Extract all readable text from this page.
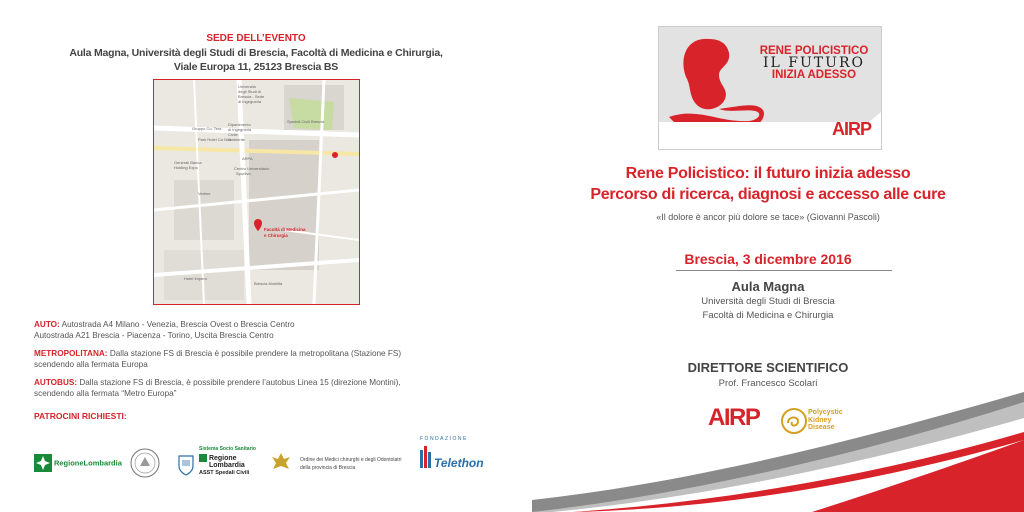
SEDE DELL’EVENTO
Aula Magna, Università degli Studi di Brescia, Facoltà di Medicina e Chirurgia,
Viale Europa 11, 25123 Brescia BS
Università
degli Studi di
Brescia - Sede
di Ingegneria
Spedali Civili Brescia
Dipartimento
di Ingegneria
Civile
Ambiente
Gruppo Co. Tera
Park Hotel Ca Nöa
ARPA
Centro Universitario
Sportivo
Generali Banca
Holding Expo
Vetrine
Hotel Impero
Brescia Mobilità
Facoltà di Medicina
e Chirurgia
AUTO: Autostrada A4 Milano - Venezia, Brescia Ovest o Brescia Centro
Autostrada A21 Brescia - Piacenza - Torino, Uscita Brescia Centro
METROPOLITANA: Dalla stazione FS di Brescia è possibile prendere la metropolitana (Stazione FS)
scendendo alla fermata Europa
AUTOBUS: Dalla stazione FS di Brescia, è possibile prendere l’autobus Linea 15 (direzione Montini),
scendendo alla fermata “Metro Europa”
PATROCINI RICHIESTI:
RegioneLombardia
Sistema Socio Sanitario
Regione
Lombardia
ASST Spedali Civili
Ordine dei Medici chirurghi e degli Odontoiatri
della provincia di Brescia
FONDAZIONE
Telethon
RENE POLICISTICO
IL FUTURO
INIZIA ADESSO
AIRP
Rene Policistico: il futuro inizia adesso
Percorso di ricerca, diagnosi e accesso alle cure
«Il dolore è ancor più dolore se tace» (Giovanni Pascoli)
Brescia, 3 dicembre 2016
Aula Magna
Università degli Studi di Brescia
Facoltà di Medicina e Chirurgia
DIRETTORE SCIENTIFICO
Prof. Francesco Scolari
AIRP	Polycystic
Kidney
Disease
